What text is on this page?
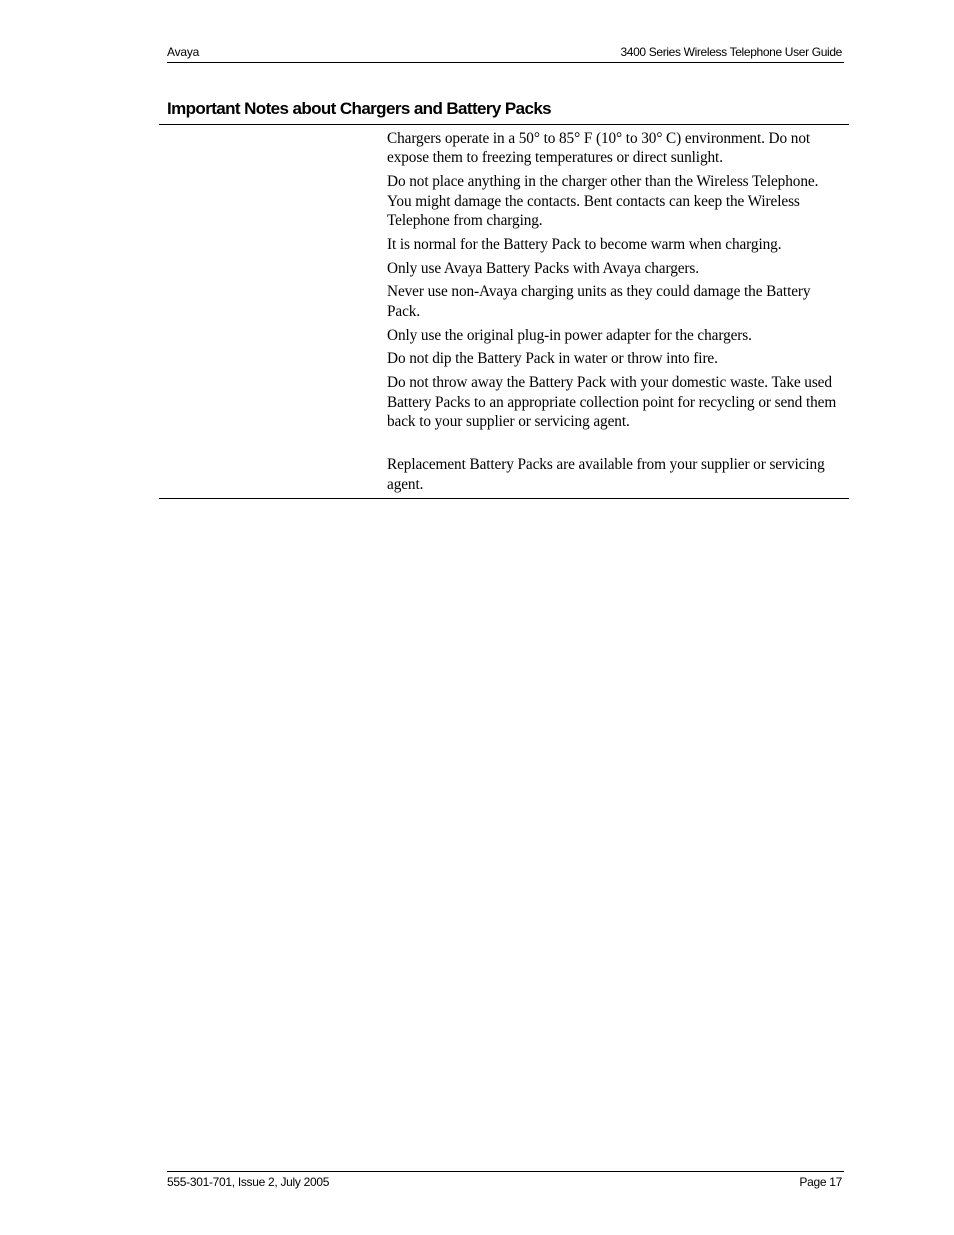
Avaya	3400 Series Wireless Telephone User Guide
Important Notes about Chargers and Battery Packs

Chargers operate in a 50° to 85° F (10° to 30° C) environment. Do not expose them to freezing temperatures or direct sunlight.

Do not place anything in the charger other than the Wireless Telephone. You might damage the contacts. Bent contacts can keep the Wireless Telephone from charging.

It is normal for the Battery Pack to become warm when charging.

Only use Avaya Battery Packs with Avaya chargers.

Never use non-Avaya charging units as they could damage the Battery Pack.

Only use the original plug-in power adapter for the chargers.

Do not dip the Battery Pack in water or throw into fire.

Do not throw away the Battery Pack with your domestic waste. Take used Battery Packs to an appropriate collection point for recycling or send them back to your supplier or servicing agent.

Replacement Battery Packs are available from your supplier or servicing agent.

555-301-701, Issue 2, July 2005	Page 17
